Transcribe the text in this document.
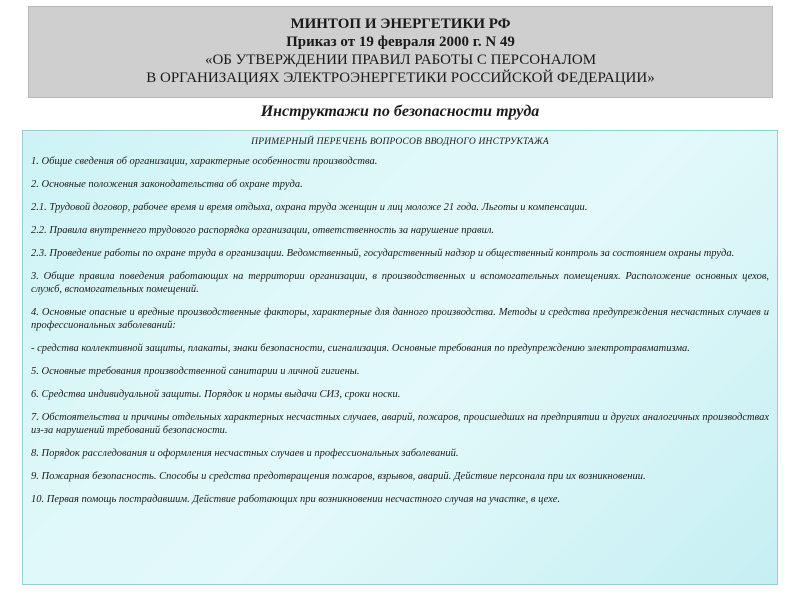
МИНТОП И ЭНЕРГЕТИКИ РФ
Приказ от 19 февраля 2000 г. N 49
«ОБ УТВЕРЖДЕНИИ ПРАВИЛ РАБОТЫ С ПЕРСОНАЛОМ
В ОРГАНИЗАЦИЯХ ЭЛЕКТРОЭНЕРГЕТИКИ РОССИЙСКОЙ ФЕДЕРАЦИИ»
Инструктажи по безопасности труда
ПРИМЕРНЫЙ ПЕРЕЧЕНЬ ВОПРОСОВ ВВОДНОГО ИНСТРУКТАЖА
1. Общие сведения об организации, характерные особенности производства.
2. Основные положения законодательства об охране труда.
2.1. Трудовой договор, рабочее время и время отдыха, охрана труда женщин и лиц моложе 21 года. Льготы и компенсации.
2.2. Правила внутреннего трудового распорядка организации, ответственность за нарушение правил.
2.3. Проведение работы по охране труда в организации. Ведомственный, государственный надзор и общественный контроль за состоянием охраны труда.
3. Общие правила поведения работающих на территории организации, в производственных и вспомогательных помещениях. Расположение основных цехов, служб, вспомогательных помещений.
4. Основные опасные и вредные производственные факторы, характерные для данного производства. Методы и средства предупреждения несчастных случаев и профессиональных заболеваний:
- средства коллективной защиты, плакаты, знаки безопасности, сигнализация. Основные требования по предупреждению электротравматизма.
5. Основные требования производственной санитарии и личной гигиены.
6. Средства индивидуальной защиты. Порядок и нормы выдачи СИЗ, сроки носки.
7. Обстоятельства и причины отдельных характерных несчастных случаев, аварий, пожаров, происшедших на предприятии и других аналогичных производствах из-за нарушений требований безопасности.
8. Порядок расследования и оформления несчастных случаев и профессиональных заболеваний.
9. Пожарная безопасность. Способы и средства предотвращения пожаров, взрывов, аварий. Действие персонала при их возникновении.
10. Первая помощь пострадавшим. Действие работающих при возникновении несчастного случая на участке, в цехе.
